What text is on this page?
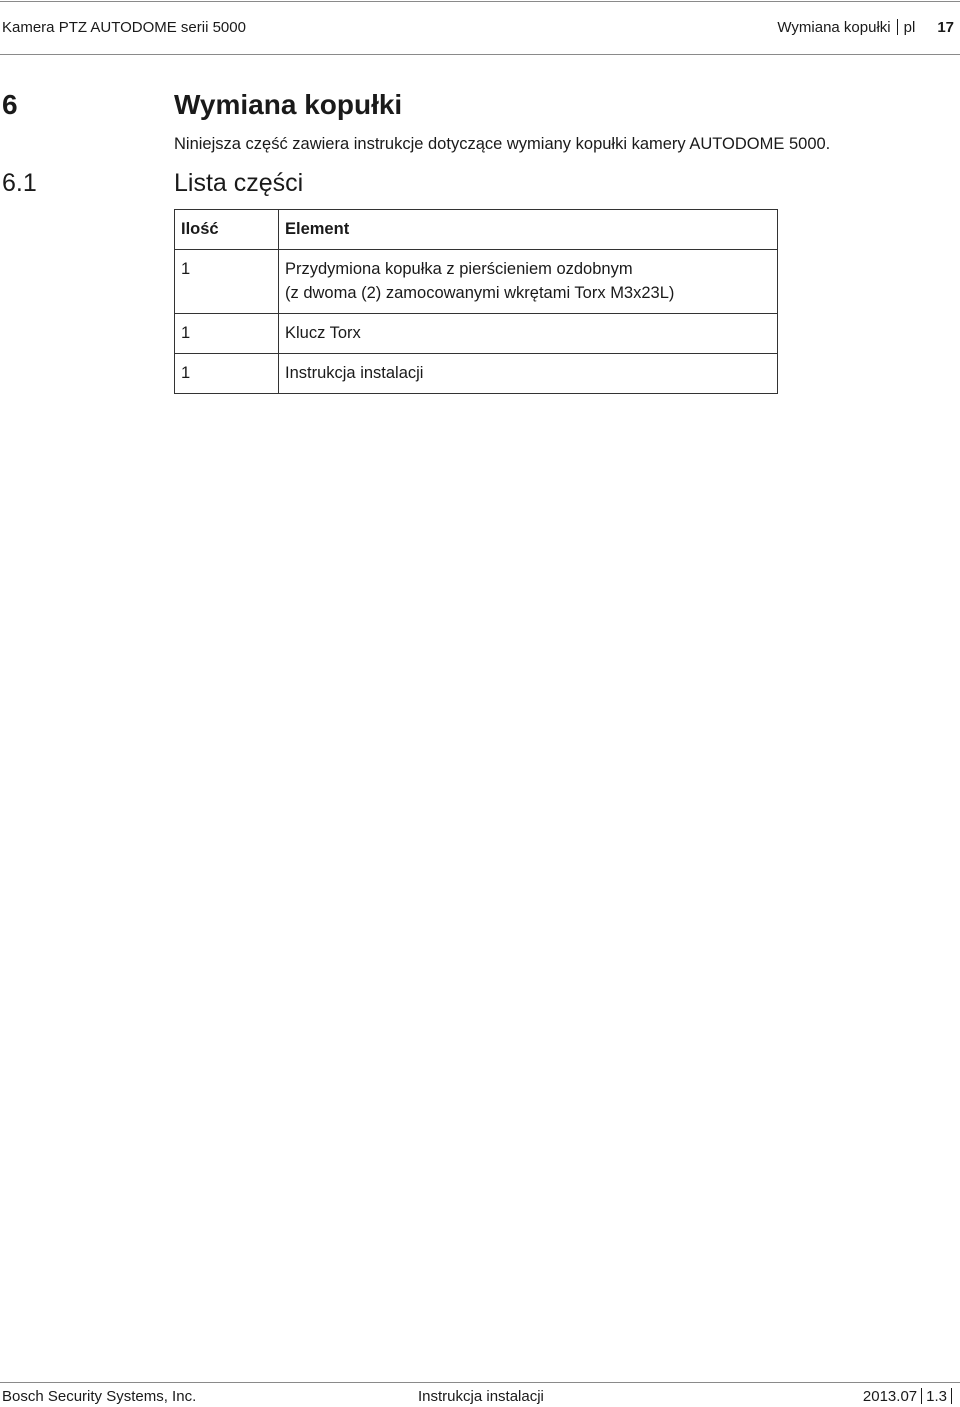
Kamera PTZ AUTODOME serii 5000	Wymiana kopułki pl 17
6	Wymiana kopułki
Niniejsza część zawiera instrukcje dotyczące wymiany kopułki kamery AUTODOME 5000.
6.1	Lista części
Ilość	Element
1	Przydymiona kopułka z pierścieniem ozdobnym
(z dwoma (2) zamocowanymi wkrętami Torx M3x23L)

1	Klucz Torx

1	Instrukcja instalacji
Bosch Security Systems, Inc.	Instrukcja instalacji	2013.07 1.3
